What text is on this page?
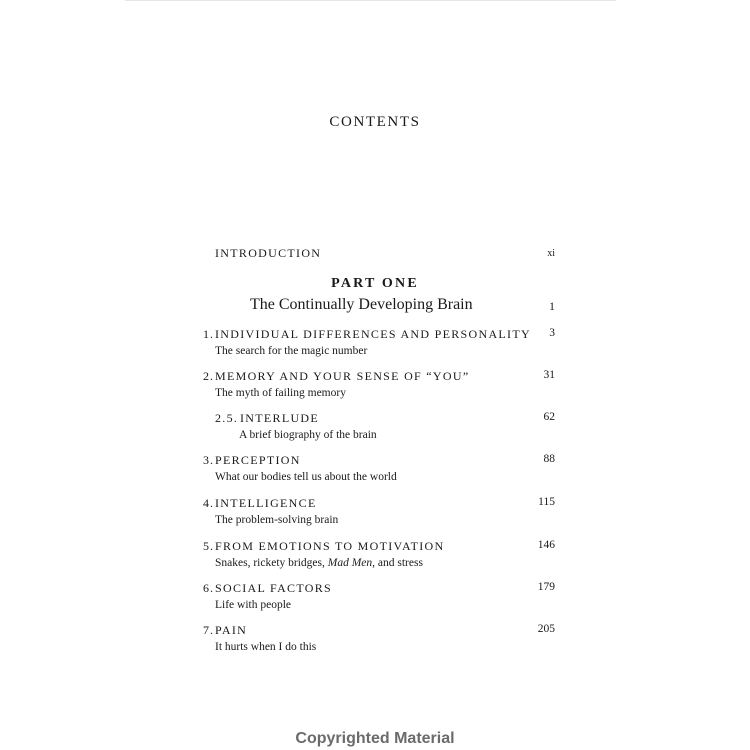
CONTENTS
INTRODUCTION	xi
PART ONE
The Continually Developing Brain	1
1. INDIVIDUAL DIFFERENCES AND PERSONALITY 3
The search for the magic number
2. MEMORY AND YOUR SENSE OF “YOU”	31
The myth of failing memory
2.5. INTERLUDE	62
A brief biography of the brain
3. PERCEPTION	88
What our bodies tell us about the world
4. INTELLIGENCE	115
The problem-solving brain
5. FROM EMOTIONS TO MOTIVATION	146
Snakes, rickety bridges, Mad Men, and stress
6. SOCIAL FACTORS	179
Life with people
7. PAIN	205
It hurts when I do this
Copyrighted Material
